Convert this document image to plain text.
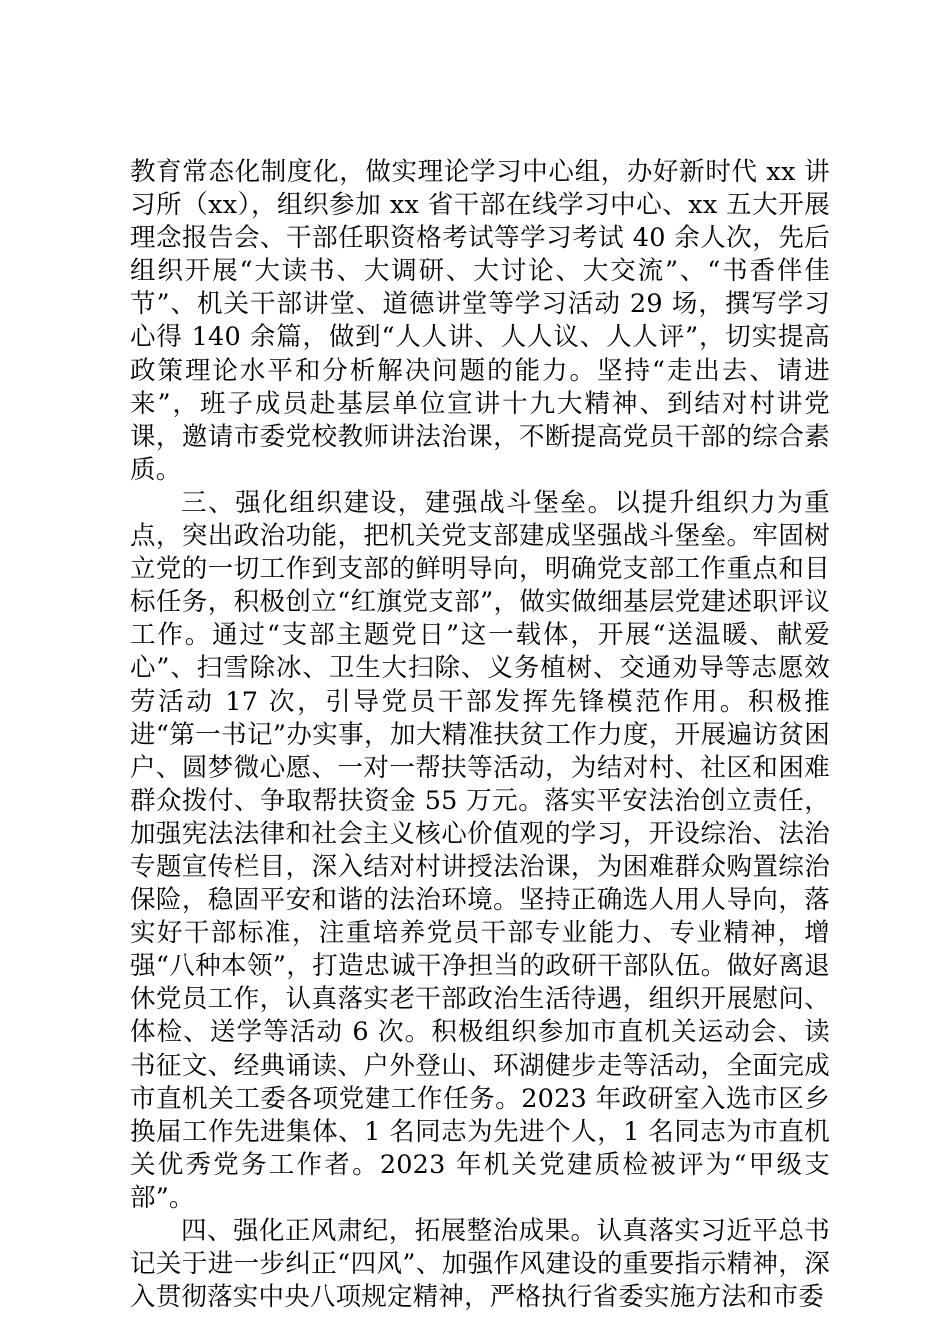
教育常态化制度化，做实理论学习中心组，办好新时代 xx 讲习所（xx），组织参加 xx 省干部在线学习中心、xx 五大开展理念报告会、干部任职资格考试等学习考试 40 余人次，先后组织开展“大读书、大调研、大讨论、大交流”、“书香伴佳节”、机关干部讲堂、道德讲堂等学习活动 29 场，撰写学习心得 140 余篇，做到“人人讲、人人议、人人评”，切实提高政策理论水平和分析解决问题的能力。坚持“走出去、请进来”，班子成员赴基层单位宣讲十九大精神、到结对村讲党课，邀请市委党校教师讲法治课，不断提高党员干部的综合素质。

三、强化组织建设，建强战斗堡垒。以提升组织力为重点，突出政治功能，把机关党支部建成坚强战斗堡垒。牢固树立党的一切工作到支部的鲜明导向，明确党支部工作重点和目标任务，积极创立“红旗党支部”，做实做细基层党建述职评议工作。通过“支部主题党日”这一载体，开展“送温暖、献爱心”、扫雪除冰、卫生大扫除、义务植树、交通劝导等志愿效劳活动 17 次，引导党员干部发挥先锋模范作用。积极推进“第一书记”办实事，加大精准扶贫工作力度，开展遍访贫困户、圆梦微心愿、一对一帮扶等活动，为结对村、社区和困难群众拨付、争取帮扶资金 55 万元。落实平安法治创立责任，加强宪法法律和社会主义核心价值观的学习，开设综治、法治专题宣传栏目，深入结对村讲授法治课，为困难群众购置综治保险，稳固平安和谐的法治环境。坚持正确选人用人导向，落实好干部标准，注重培养党员干部专业能力、专业精神，增强“八种本领”，打造忠诚干净担当的政研干部队伍。做好离退休党员工作，认真落实老干部政治生活待遇，组织开展慰问、体检、送学等活动 6 次。积极组织参加市直机关运动会、读书征文、经典诵读、户外登山、环湖健步走等活动，全面完成市直机关工委各项党建工作任务。2023 年政研室入选市区乡换届工作先进集体、1 名同志为先进个人，1 名同志为市直机关优秀党务工作者。2023 年机关党建质检被评为“甲级支部”。

四、强化正风肃纪，拓展整治成果。认真落实习近平总书记关于进一步纠正“四风”、加强作风建设的重要指示精神，深入贯彻落实中央八项规定精神，严格执行省委实施方法和市委
